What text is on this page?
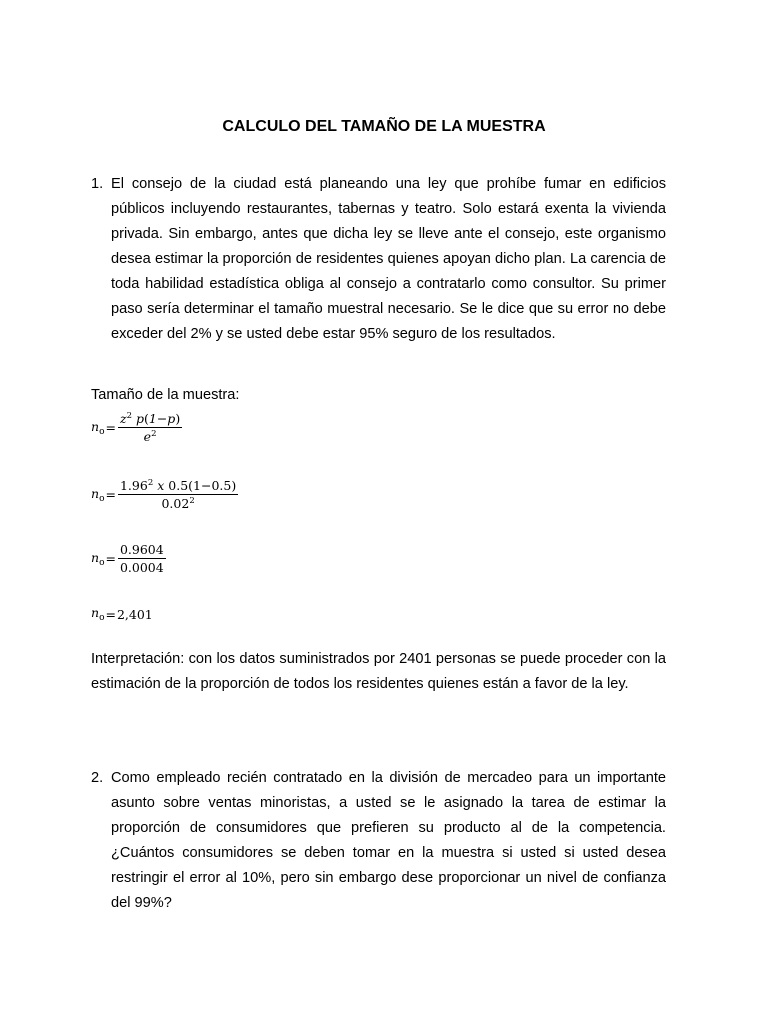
CALCULO DEL TAMAÑO DE LA MUESTRA
1. El consejo de la ciudad está planeando una ley que prohíbe fumar en edificios públicos incluyendo restaurantes, tabernas y teatro. Solo estará exenta la vivienda privada. Sin embargo, antes que dicha ley se lleve ante el consejo, este organismo desea estimar la proporción de residentes quienes apoyan dicho plan. La carencia de toda habilidad estadística obliga al consejo a contratarlo como consultor. Su primer paso sería determinar el tamaño muestral necesario. Se le dice que su error no debe exceder del 2% y se usted debe estar 95% seguro de los resultados.
Tamaño de la muestra:
$n_o = \frac{z^2 p(1-p)}{e^2}$
$n_o = \frac{1.96^2 x 0.5(1-0.5)}{0.02^2}$
$n_o = \frac{0.9604}{0.0004}$
$n_o = 2,401$
Interpretación: con los datos suministrados por 2401 personas se puede proceder con la estimación de la proporción de todos los residentes quienes están a favor de la ley.
2. Como empleado recién contratado en la división de mercadeo para un importante asunto sobre ventas minoristas, a usted se le asignado la tarea de estimar la proporción de consumidores que prefieren su producto al de la competencia. ¿Cuántos consumidores se deben tomar en la muestra si usted si usted desea restringir el error al 10%, pero sin embargo dese proporcionar un nivel de confianza del 99%?
